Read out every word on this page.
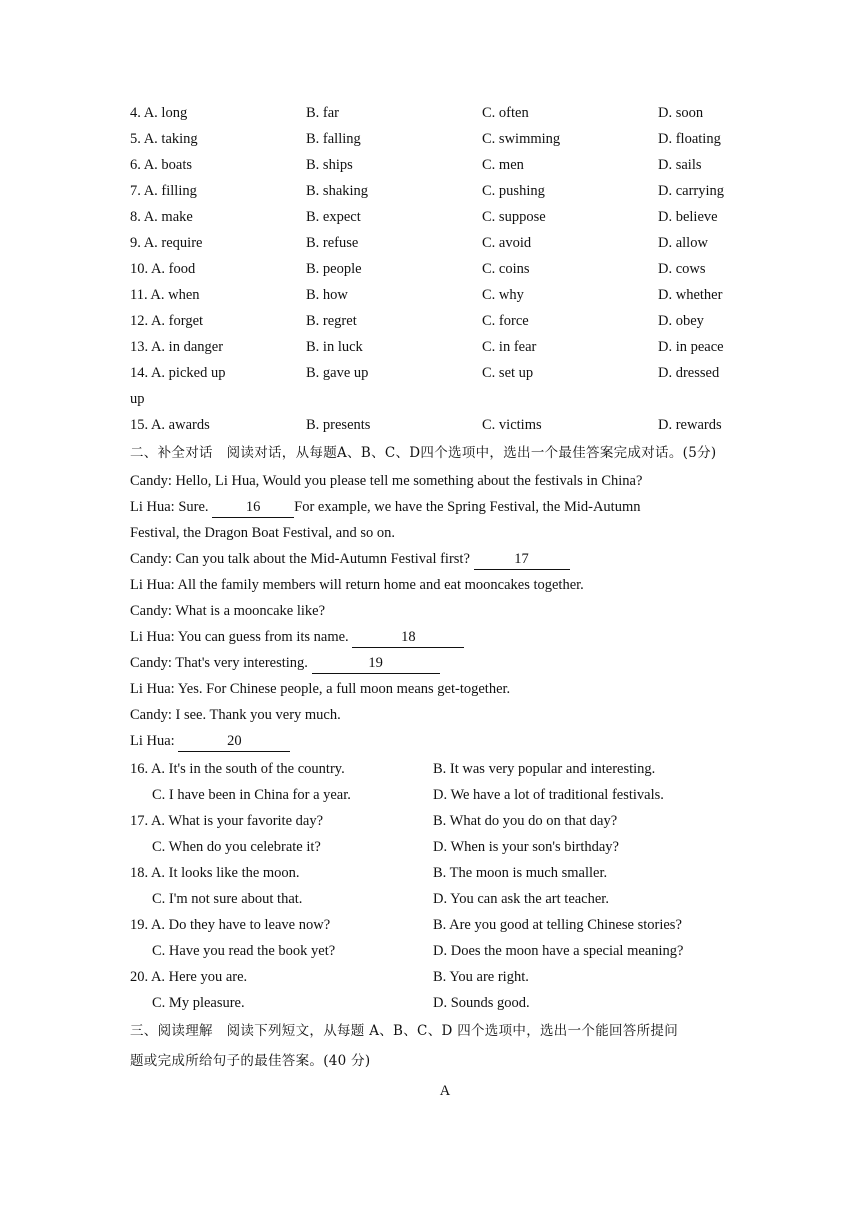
4. A. long	B. far	C. often	D. soon
5. A. taking	B. falling	C. swimming	D. floating
6. A. boats	B. ships	C. men	D. sails
7. A. filling	B. shaking	C. pushing	D. carrying
8. A. make	B. expect	C. suppose	D. believe
9. A. require	B. refuse	C. avoid	D. allow
10. A. food	B. people	C. coins	D. cows
11. A. when	B. how	C. why	D. whether
12. A. forget	B. regret	C. force	D. obey
13. A. in danger	B. in luck	C. in fear	D. in peace
14. A. picked up	B. gave up	C. set up	D. dressed
up
15. A. awards	B. presents	C. victims	D. rewards
二、补全对话　阅读对话，从每题A、B、C、D四个选项中，选出一个最佳答案完成对话。(5分)
Candy: Hello, Li Hua, Would you please tell me something about the festivals in China?
Li Hua: Sure. 16 For example, we have the Spring Festival, the Mid-Autumn
Festival, the Dragon Boat Festival, and so on.
Candy: Can you talk about the Mid-Autumn Festival first?	17
Li Hua: All the family members will return home and eat mooncakes together.
Candy: What is a mooncake like?
Li Hua: You can guess from its name.	18
Candy: That's very interesting.	19
Li Hua: Yes. For Chinese people, a full moon means get-together.
Candy: I see. Thank you very much.
Li Hua:	20
16. A. It's in the south of the country.	B. It was very popular and interesting.
C. I have been in China for a year.	D. We have a lot of traditional festivals.
17. A. What is your favorite day?	B. What do you do on that day?
C. When do you celebrate it?	D. When is your son's birthday?
18. A. It looks like the moon.	B. The moon is much smaller.
C. I'm not sure about that.	D. You can ask the art teacher.
19. A. Do they have to leave now?	B. Are you good at telling Chinese stories?
C. Have you read the book yet?	D. Does the moon have a special meaning?
20. A. Here you are.	B. You are right.
C. My pleasure.	D. Sounds good.
三、阅读理解　阅读下列短文，从每题 A、B、C、D 四个选项中，选出一个能回答所提问
题或完成所给句子的最佳答案。(40 分)
A
